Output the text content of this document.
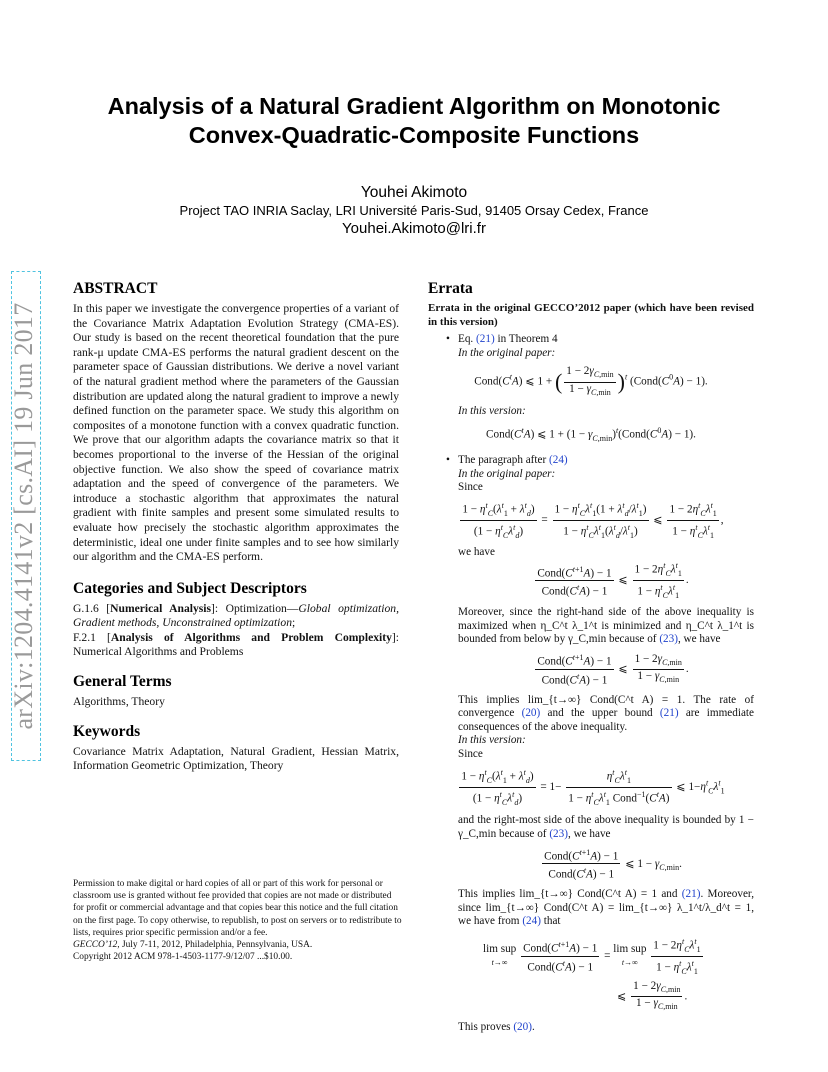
Analysis of a Natural Gradient Algorithm on Monotonic
Convex-Quadratic-Composite Functions
Youhei Akimoto
Project TAO INRIA Saclay, LRI Université Paris-Sud, 91405 Orsay Cedex, France
Youhei.Akimoto@lri.fr
arXiv:1204.4141v2 [cs.AI] 19 Jun 2017
ABSTRACT

In this paper we investigate the convergence properties of a variant of the Covariance Matrix Adaptation Evolution Strategy (CMA-ES). Our study is based on the recent theoretical foundation that the pure rank-μ update CMA-ES performs the natural gradient descent on the parameter space of Gaussian distributions. We derive a novel variant of the natural gradient method where the parameters of the Gaussian distribution are updated along the natural gradient to improve a newly defined function on the parameter space. We study this algorithm on composites of a monotone function with a convex quadratic function. We prove that our algorithm adapts the covariance matrix so that it becomes proportional to the inverse of the Hessian of the original objective function. We also show the speed of covariance matrix adaptation and the speed of convergence of the parameters. We introduce a stochastic algorithm that approximates the natural gradient with finite samples and present some simulated results to evaluate how precisely the stochastic algorithm approximates the deterministic, ideal one under finite samples and to see how similarly our algorithm and the CMA-ES perform.

Categories and Subject Descriptors

G.1.6 [Numerical Analysis]: Optimization—Global optimization, Gradient methods, Unconstrained optimization;
F.2.1 [Analysis of Algorithms and Problem Complexity]: Numerical Algorithms and Problems

General Terms

Algorithms, Theory

Keywords

Covariance Matrix Adaptation, Natural Gradient, Hessian Matrix, Information Geometric Optimization, Theory

Permission to make digital or hard copies of all or part of this work for personal or classroom use is granted without fee provided that copies are not made or distributed for profit or commercial advantage and that copies bear this notice and the full citation on the first page. To copy otherwise, to republish, to post on servers or to redistribute to lists, requires prior specific permission and/or a fee.
GECCO’12, July 7-11, 2012, Philadelphia, Pennsylvania, USA.
Copyright 2012 ACM 978-1-4503-1177-9/12/07 ...$10.00.
Errata

Errata in the original GECCO’2012 paper (which have been revised in this version)

• Eq. (21) in Theorem 4
In the original paper:
$Cond(C^tA)$ ⩽ 1 + ( $\frac{1 - 2\gamma_{C,min}}{1 - \gamma_{C,min}} )^t$ $(Cond(C^0A) - 1)$.
In this version:
$Cond(C^tA)$ ⩽ $1 + (1 - \gamma_{C,min})^t(Cond(C^0A) - 1)$.
• The paragraph after (24)
In the original paper:
Since
$\frac{1 - \eta^t_C(\lambda^t_1 + \lambda^t_d)}{(1 - \eta^t_C\lambda^t_d)} = \frac{1 - \eta^t_C\lambda^t_1(1 + \lambda^t_d/\lambda^t_1)}{1 - \eta^t_C\lambda^t_1(\lambda^t_d/\lambda^t_1)}$ ⩽ $\frac{1 - 2\eta^t_C\lambda^t_1}{1 - \eta^t_C\lambda^t_1}$ ,
we have
$\frac{Cond(C^{t+1}A) - 1}{Cond(C^tA) - 1}$ ⩽ $\frac{1 - 2\eta^t_C\lambda^t_1}{1 - \eta^t_C\lambda^t_1}$ .

Moreover, since the right-hand side of the above inequality is maximized when η_C^t λ_1^t is minimized and η_C^t λ_1^t is bounded from below by γ_C,min because of (23), we have

$\frac{Cond(C^{t+1}A) - 1}{Cond(C^tA) - 1}$ ⩽ $\frac{1 - 2\gamma_{C,min}}{1 - \gamma_{C,min}}$ .

This implies lim_{t→∞} Cond(C^t A) = 1. The rate of convergence (20) and the upper bound (21) are immediate consequences of the above inequality.

In this version:
Since
$\frac{1 - \eta^t_C(\lambda^t_1 + \lambda^t_d)}{(1 - \eta^t_C\lambda^t_d)} = 1- \frac{\eta^t_C\lambda^t_1}{1 - \eta^t_C\lambda^t_1 Cond^{-1}(C^tA)}$ ⩽ $1-\eta^t_C\lambda^t_1$

and the right-most side of the above inequality is bounded by 1 − γ_C,min because of (23), we have

$\frac{Cond(C^{t+1}A) - 1}{Cond(C^tA) - 1}$ ⩽ $1 - \gamma_{C,min}$.

This implies lim_{t→∞} Cond(C^t A) = 1 and (21). Moreover, since lim_{t→∞} Cond(C^t A) = lim_{t→∞} λ_1^t/λ_d^t = 1, we have from (24) that

lim sup
$t\to\infty \frac{Cond(C^{t+1}A) - 1}{Cond(C^tA) - 1} = \lim$ sup
$t\to\infty \frac{1 - 2\eta^t_C\lambda^t_1}{1 - \eta^t_C\lambda^t_1}$
⩽ $\frac{1 - 2\gamma_{C,min}}{1 - \gamma_{C,min}}$ .

This proves (20).
